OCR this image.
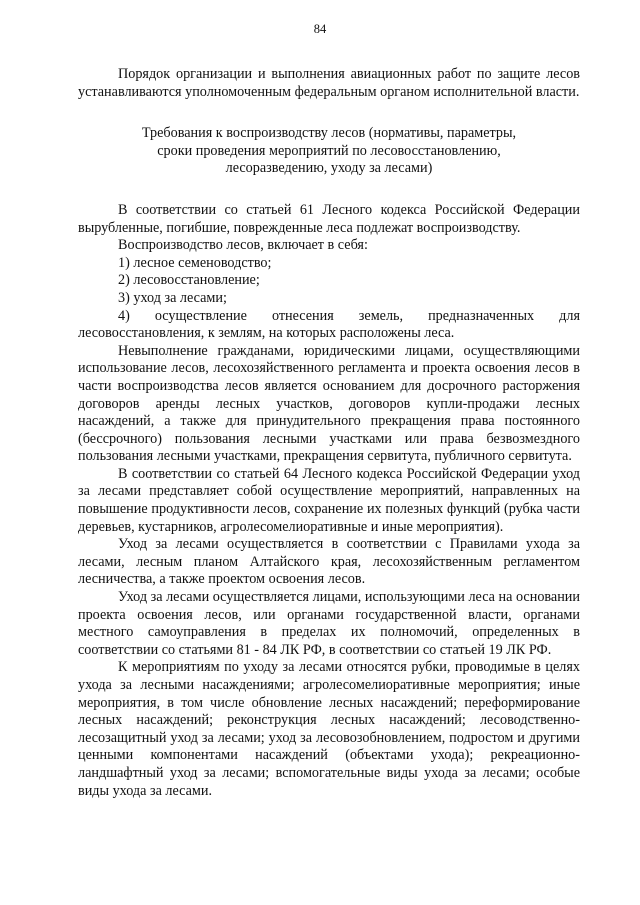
84

Порядок организации и выполнения авиационных работ по защите лесов устанавливаются уполномоченным федеральным органом исполнительной власти.

Требования к воспроизводству лесов (нормативы, параметры,
сроки проведения мероприятий по лесовосстановлению,
лесоразведению, уходу за лесами)

В соответствии со статьей 61 Лесного кодекса Российской Федерации вырубленные, погибшие, поврежденные леса подлежат воспроизводству.

Воспроизводство лесов, включает в себя:

1) лесное семеноводство;

2) лесовосстановление;

3) уход за лесами;

4) осуществление отнесения земель, предназначенных для лесовосстановления, к землям, на которых расположены леса.

Невыполнение гражданами, юридическими лицами, осуществляющими использование лесов, лесохозяйственного регламента и проекта освоения лесов в части воспроизводства лесов является основанием для досрочного расторжения договоров аренды лесных участков, договоров купли-продажи лесных насаждений, а также для принудительного прекращения права постоянного (бессрочного) пользования лесными участками или права безвозмездного пользования лесными участками, прекращения сервитута, публичного сервитута.

В соответствии со статьей 64 Лесного кодекса Российской Федерации уход за лесами представляет собой осуществление мероприятий, направленных на повышение продуктивности лесов, сохранение их полезных функций (рубка части деревьев, кустарников, агролесомелиоративные и иные мероприятия).

Уход за лесами осуществляется в соответствии с Правилами ухода за лесами, лесным планом Алтайского края, лесохозяйственным регламентом лесничества, а также проектом освоения лесов.

Уход за лесами осуществляется лицами, использующими леса на основании проекта освоения лесов, или органами государственной власти, органами местного самоуправления в пределах их полномочий, определенных в соответствии со статьями 81 - 84 ЛК РФ, в соответствии со статьей 19 ЛК РФ.

К мероприятиям по уходу за лесами относятся рубки, проводимые в целях ухода за лесными насаждениями; агролесомелиоративные мероприятия; иные мероприятия, в том числе обновление лесных насаждений; переформирование лесных насаждений; реконструкция лесных насаждений; лесоводственно-лесозащитный уход за лесами; уход за лесовозобновлением, подростом и другими ценными компонентами насаждений (объектами ухода); рекреационно-ландшафтный уход за лесами; вспомогательные виды ухода за лесами; особые виды ухода за лесами.
